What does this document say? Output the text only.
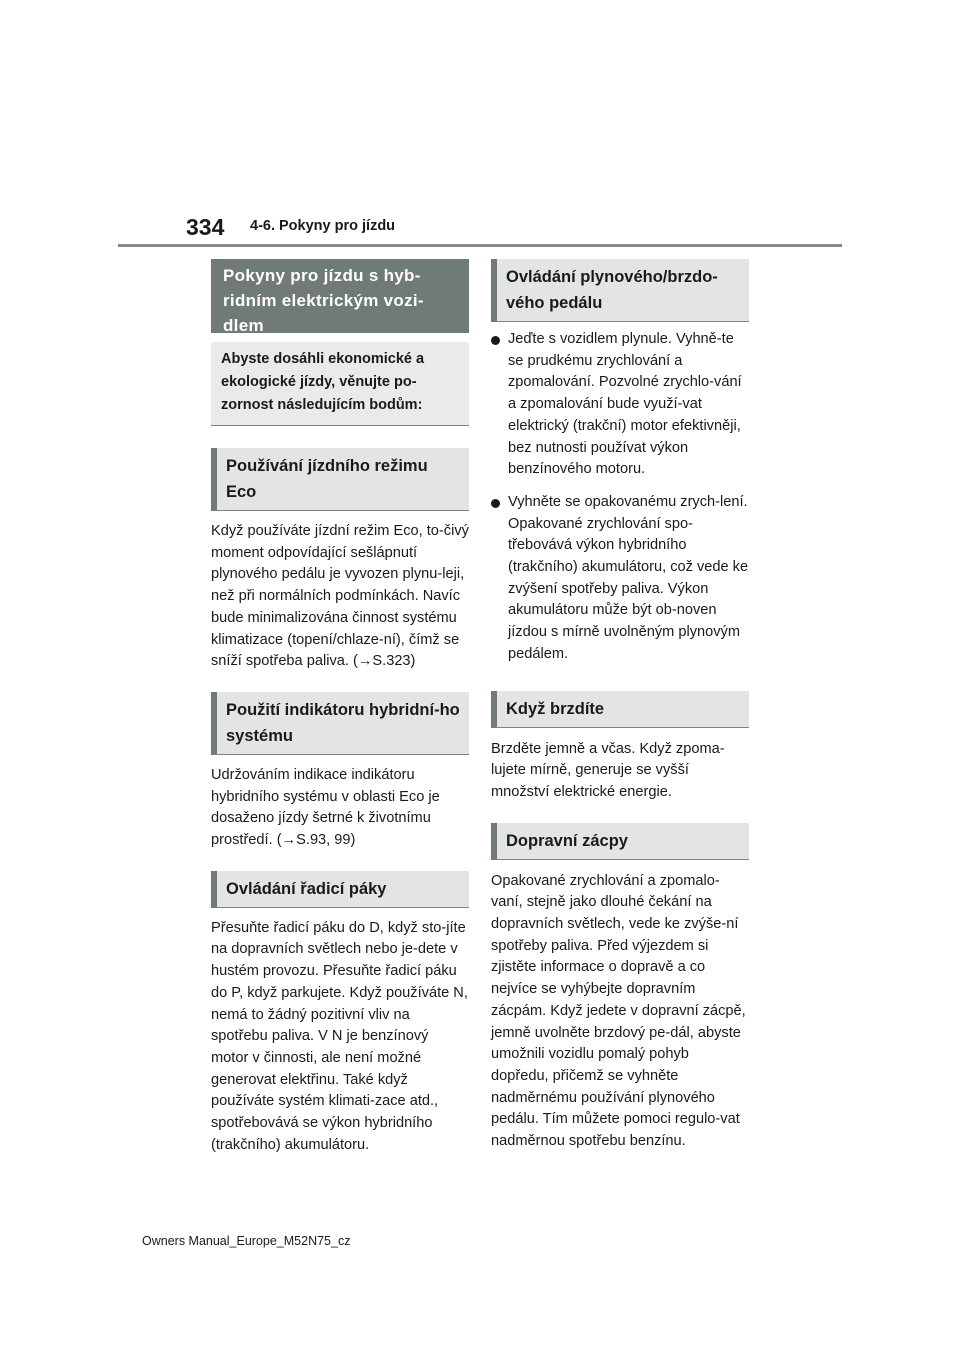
334 4-6. Pokyny pro jízdu
Pokyny pro jízdu s hyb-ridním elektrickým vozi-dlem
Abyste dosáhli ekonomické a ekologické jízdy, věnujte po-zornost následujícím bodům:
Používání jízdního režimu Eco

Když používáte jízdní režim Eco, to-čivý moment odpovídající sešlápnutí plynového pedálu je vyvozen plynu-leji, než při normálních podmínkách. Navíc bude minimalizována činnost systému klimatizace (topení/chlaze-ní), čímž se sníží spotřeba paliva. (→S.323)

Použití indikátoru hybridní-ho systému

Udržováním indikace indikátoru hybridního systému v oblasti Eco je dosaženo jízdy šetrné k životnímu prostředí. (→S.93, 99)

Ovládání řadicí páky

Přesuňte řadicí páku do D, když sto-jíte na dopravních světlech nebo je-dete v hustém provozu. Přesuňte řadicí páku do P, když parkujete. Když používáte N, nemá to žádný pozitivní vliv na spotřebu paliva. V N je benzínový motor v činnosti, ale není možné generovat elektřinu. Také když používáte systém klimati-zace atd., spotřebovává se výkon hybridního (trakčního) akumulátoru.

Ovládání plynového/brzdo-vého pedálu
Jeďte s vozidlem plynule. Vyhně-te se prudkému zrychlování a zpomalování. Pozvolné zrychlo-vání a zpomalování bude využí-vat elektrický (trakční) motor efektivněji, bez nutnosti používat výkon benzínového motoru.
Vyhněte se opakovanému zrych-lení. Opakované zrychlování spo-třebovává výkon hybridního (trakčního) akumulátoru, což vede ke zvýšení spotřeby paliva. Výkon akumulátoru může být ob-noven jízdou s mírně uvolněným plynovým pedálem.
Když brzdíte

Brzděte jemně a včas. Když zpoma-lujete mírně, generuje se vyšší množství elektrické energie.

Dopravní zácpy

Opakované zrychlování a zpomalo-vaní, stejně jako dlouhé čekání na dopravních světlech, vede ke zvýše-ní spotřeby paliva. Před výjezdem si zjistěte informace o dopravě a co nejvíce se vyhýbejte dopravním zácpám. Když jedete v dopravní zácpě, jemně uvolněte brzdový pe-dál, abyste umožnili vozidlu pomalý pohyb dopředu, přičemž se vyhněte nadměrnému používání plynového pedálu. Tím můžete pomoci regulo-vat nadměrnou spotřebu benzínu.

Owners Manual_Europe_M52N75_cz
